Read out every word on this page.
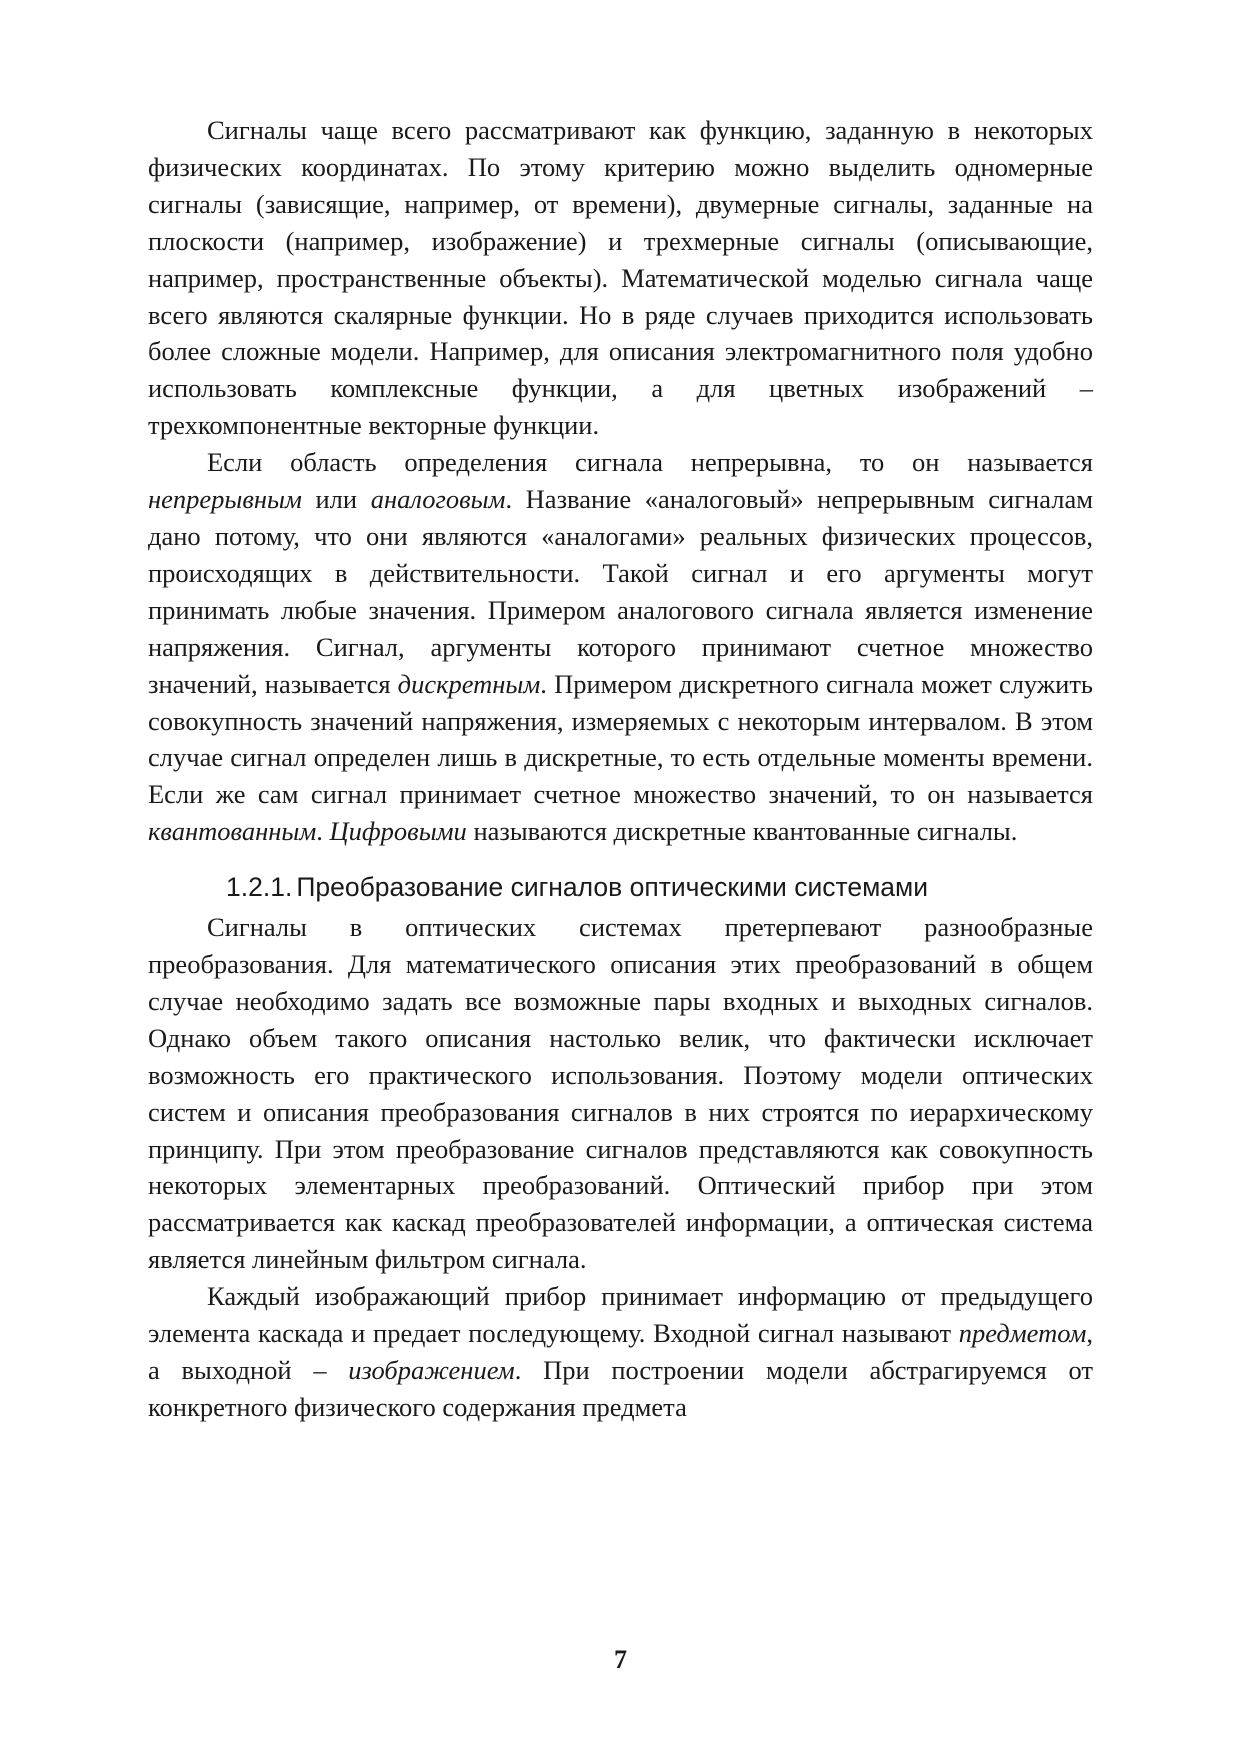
Сигналы чаще всего рассматривают как функцию, заданную в некоторых физических координатах. По этому критерию можно выделить одномерные сигналы (зависящие, например, от времени), двумерные сигналы, заданные на плоскости (например, изображение) и трехмерные сигналы (описывающие, например, пространственные объекты). Математической моделью сигнала чаще всего являются скалярные функции. Но в ряде случаев приходится использовать более сложные модели. Например, для описания электромагнитного поля удобно использовать комплексные функции, а для цветных изображений – трехкомпонентные векторные функции.

Если область определения сигнала непрерывна, то он называется непрерывным или аналоговым. Название «аналоговый» непрерывным сигналам дано потому, что они являются «аналогами» реальных физических процессов, происходящих в действительности. Такой сигнал и его аргументы могут принимать любые значения. Примером аналогового сигнала является изменение напряжения. Сигнал, аргументы которого принимают счетное множество значений, называется дискретным. Примером дискретного сигнала может служить совокупность значений напряжения, измеряемых с некоторым интервалом. В этом случае сигнал определен лишь в дискретные, то есть отдельные моменты времени. Если же сам сигнал принимает счетное множество значений, то он называется квантованным. Цифровыми называются дискретные квантованные сигналы.

1.2.1. Преобразование сигналов оптическими системами

Сигналы в оптических системах претерпевают разнообразные преобразования. Для математического описания этих преобразований в общем случае необходимо задать все возможные пары входных и выходных сигналов. Однако объем такого описания настолько велик, что фактически исключает возможность его практического использования. Поэтому модели оптических систем и описания преобразования сигналов в них строятся по иерархическому принципу. При этом преобразование сигналов представляются как совокупность некоторых элементарных преобразований. Оптический прибор при этом рассматривается как каскад преобразователей информации, а оптическая система является линейным фильтром сигнала.

Каждый изображающий прибор принимает информацию от предыдущего элемента каскада и предает последующему. Входной сигнал называют предметом, а выходной – изображением. При построении модели абстрагируемся от конкретного физического содержания предмета

7
